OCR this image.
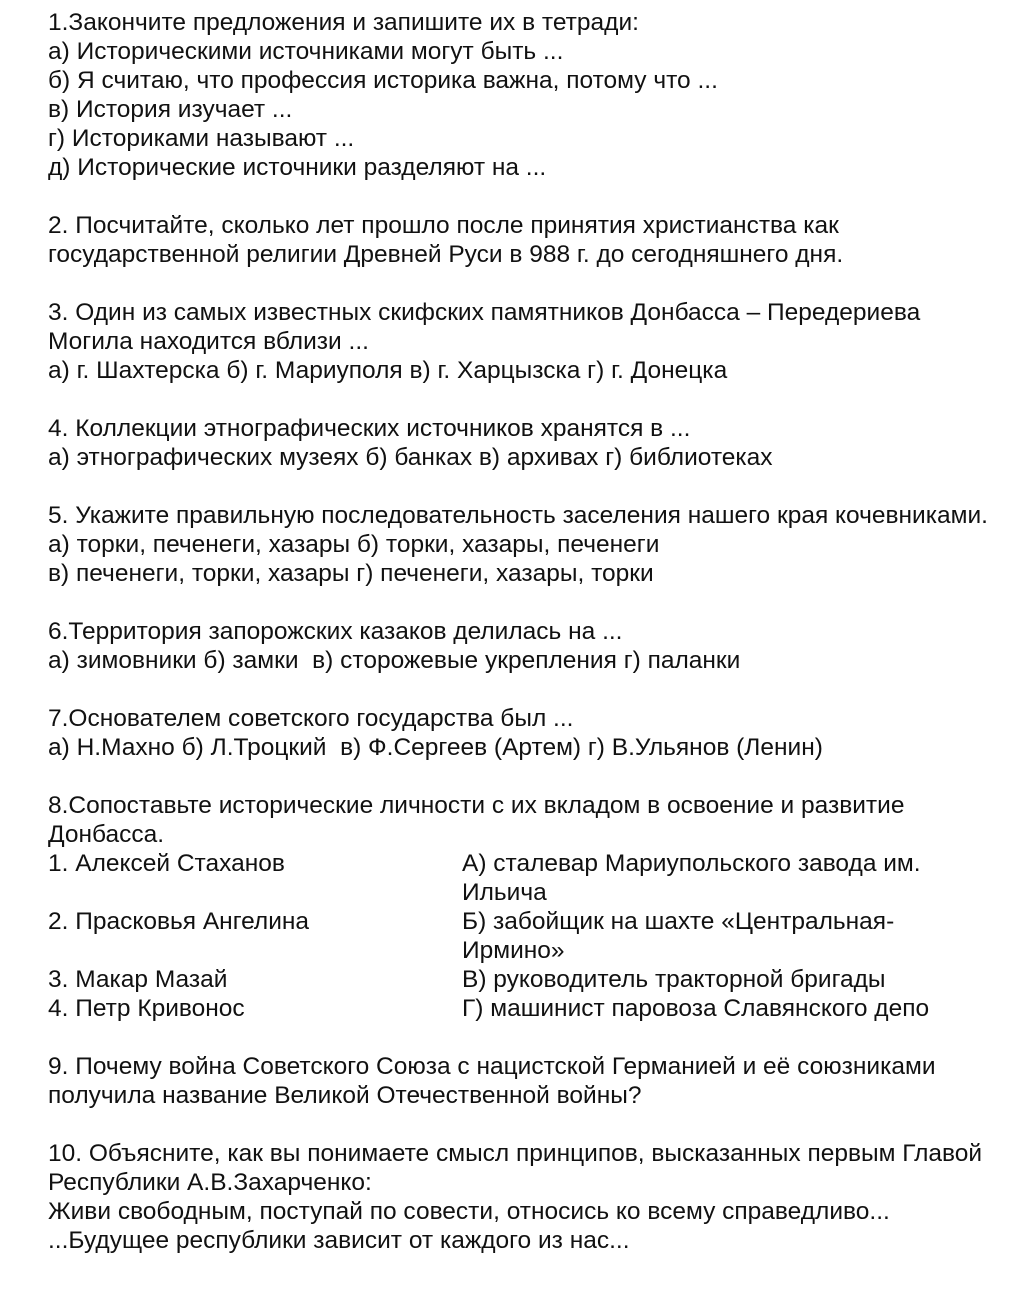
1.Закончите предложения и запишите их в тетради:
а) Историческими источниками могут быть ...
б) Я считаю, что профессия историка важна, потому что ...
в) История изучает ...
г) Историками называют ...
д) Исторические источники разделяют на ...
2. Посчитайте, сколько лет прошло после принятия христианства как государственной религии Древней Руси в 988 г. до сегодняшнего дня.
3. Один из самых известных скифских памятников Донбасса – Передериева Могила находится вблизи ...
а) г. Шахтерска б) г. Мариуполя в) г. Харцызска г) г. Донецка
4. Коллекции этнографических источников хранятся в ...
а) этнографических музеях б) банках в) архивах г) библиотеках
5. Укажите правильную последовательность заселения нашего края кочевниками.
а) торки, печенеги, хазары б) торки, хазары, печенеги
в) печенеги, торки, хазары г) печенеги, хазары, торки
6.Территория запорожских казаков делилась на ...
а) зимовники б) замки  в) сторожевые укрепления г) паланки
7.Основателем советского государства был ...
а) Н.Махно б) Л.Троцкий  в) Ф.Сергеев (Артем) г) В.Ульянов (Ленин)
8.Сопоставьте исторические личности с их вкладом в освоение и развитие Донбасса.
1. Алексей Стаханов	А) сталевар Мариупольского завода им. Ильича
2. Прасковья Ангелина	Б) забойщик на шахте «Центральная-Ирмино»
3. Макар Мазай	В) руководитель тракторной бригады
4. Петр Кривонос	Г) машинист паровоза Славянского депо
9. Почему война Советского Союза с нацистской Германией и её союзниками получила название Великой Отечественной войны?
10. Объясните, как вы понимаете смысл принципов, высказанных первым Главой Республики А.В.Захарченко:
Живи свободным, поступай по совести, относись ко всему справедливо...
...Будущее республики зависит от каждого из нас...
